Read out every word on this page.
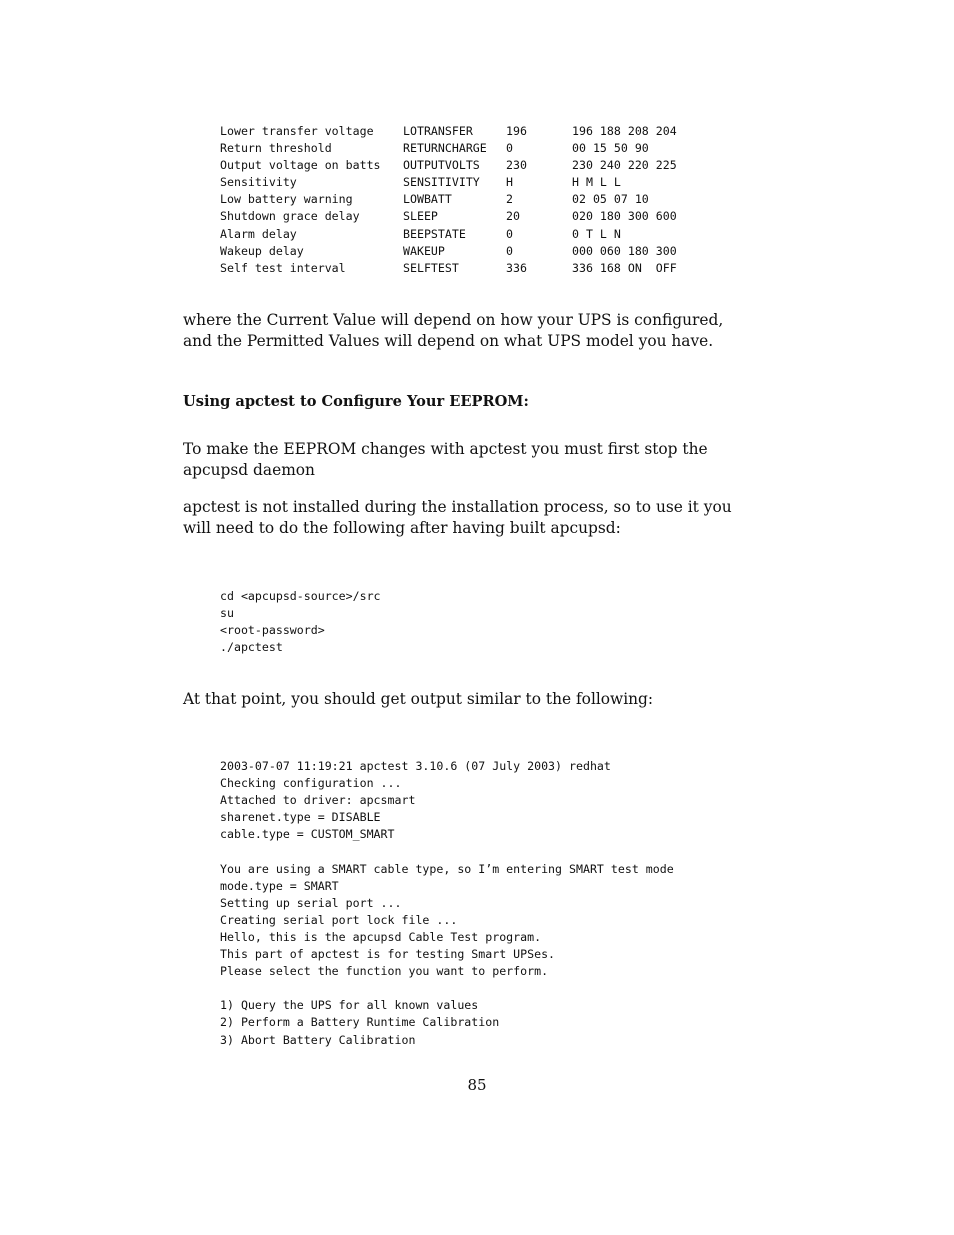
Lower transfer voltage	LOTRANSFER	196	196 188 208 204
Return threshold	RETURNCHARGE	0	00 15 50 90
Output voltage on batts	OUTPUTVOLTS	230	230 240 220 225
Sensitivity	SENSITIVITY	H	H M L L
Low battery warning	LOWBATT	2	02 05 07 10
Shutdown grace delay	SLEEP	20	020 180 300 600
Alarm delay	BEEPSTATE	0	0 T L N
Wakeup delay	WAKEUP	0	000 060 180 300
Self test interval	SELFTEST	336	336 168 ON  OFF

where the Current Value will depend on how your UPS is configured, and the Permitted Values will depend on what UPS model you have.

Using apctest to Configure Your EEPROM:

To make the EEPROM changes with apctest you must first stop the apcupsd daemon

apctest is not installed during the installation process, so to use it you will need to do the following after having built apcupsd:

cd <apcupsd-source>/src
su
<root-password>
./apctest

At that point, you should get output similar to the following:

2003-07-07 11:19:21 apctest 3.10.6 (07 July 2003) redhat
Checking configuration ...
Attached to driver: apcsmart
sharenet.type = DISABLE
cable.type = CUSTOM_SMART

You are using a SMART cable type, so I’m entering SMART test mode
mode.type = SMART
Setting up serial port ...
Creating serial port lock file ...
Hello, this is the apcupsd Cable Test program.
This part of apctest is for testing Smart UPSes.
Please select the function you want to perform.

1) Query the UPS for all known values
2) Perform a Battery Runtime Calibration
3) Abort Battery Calibration
85
